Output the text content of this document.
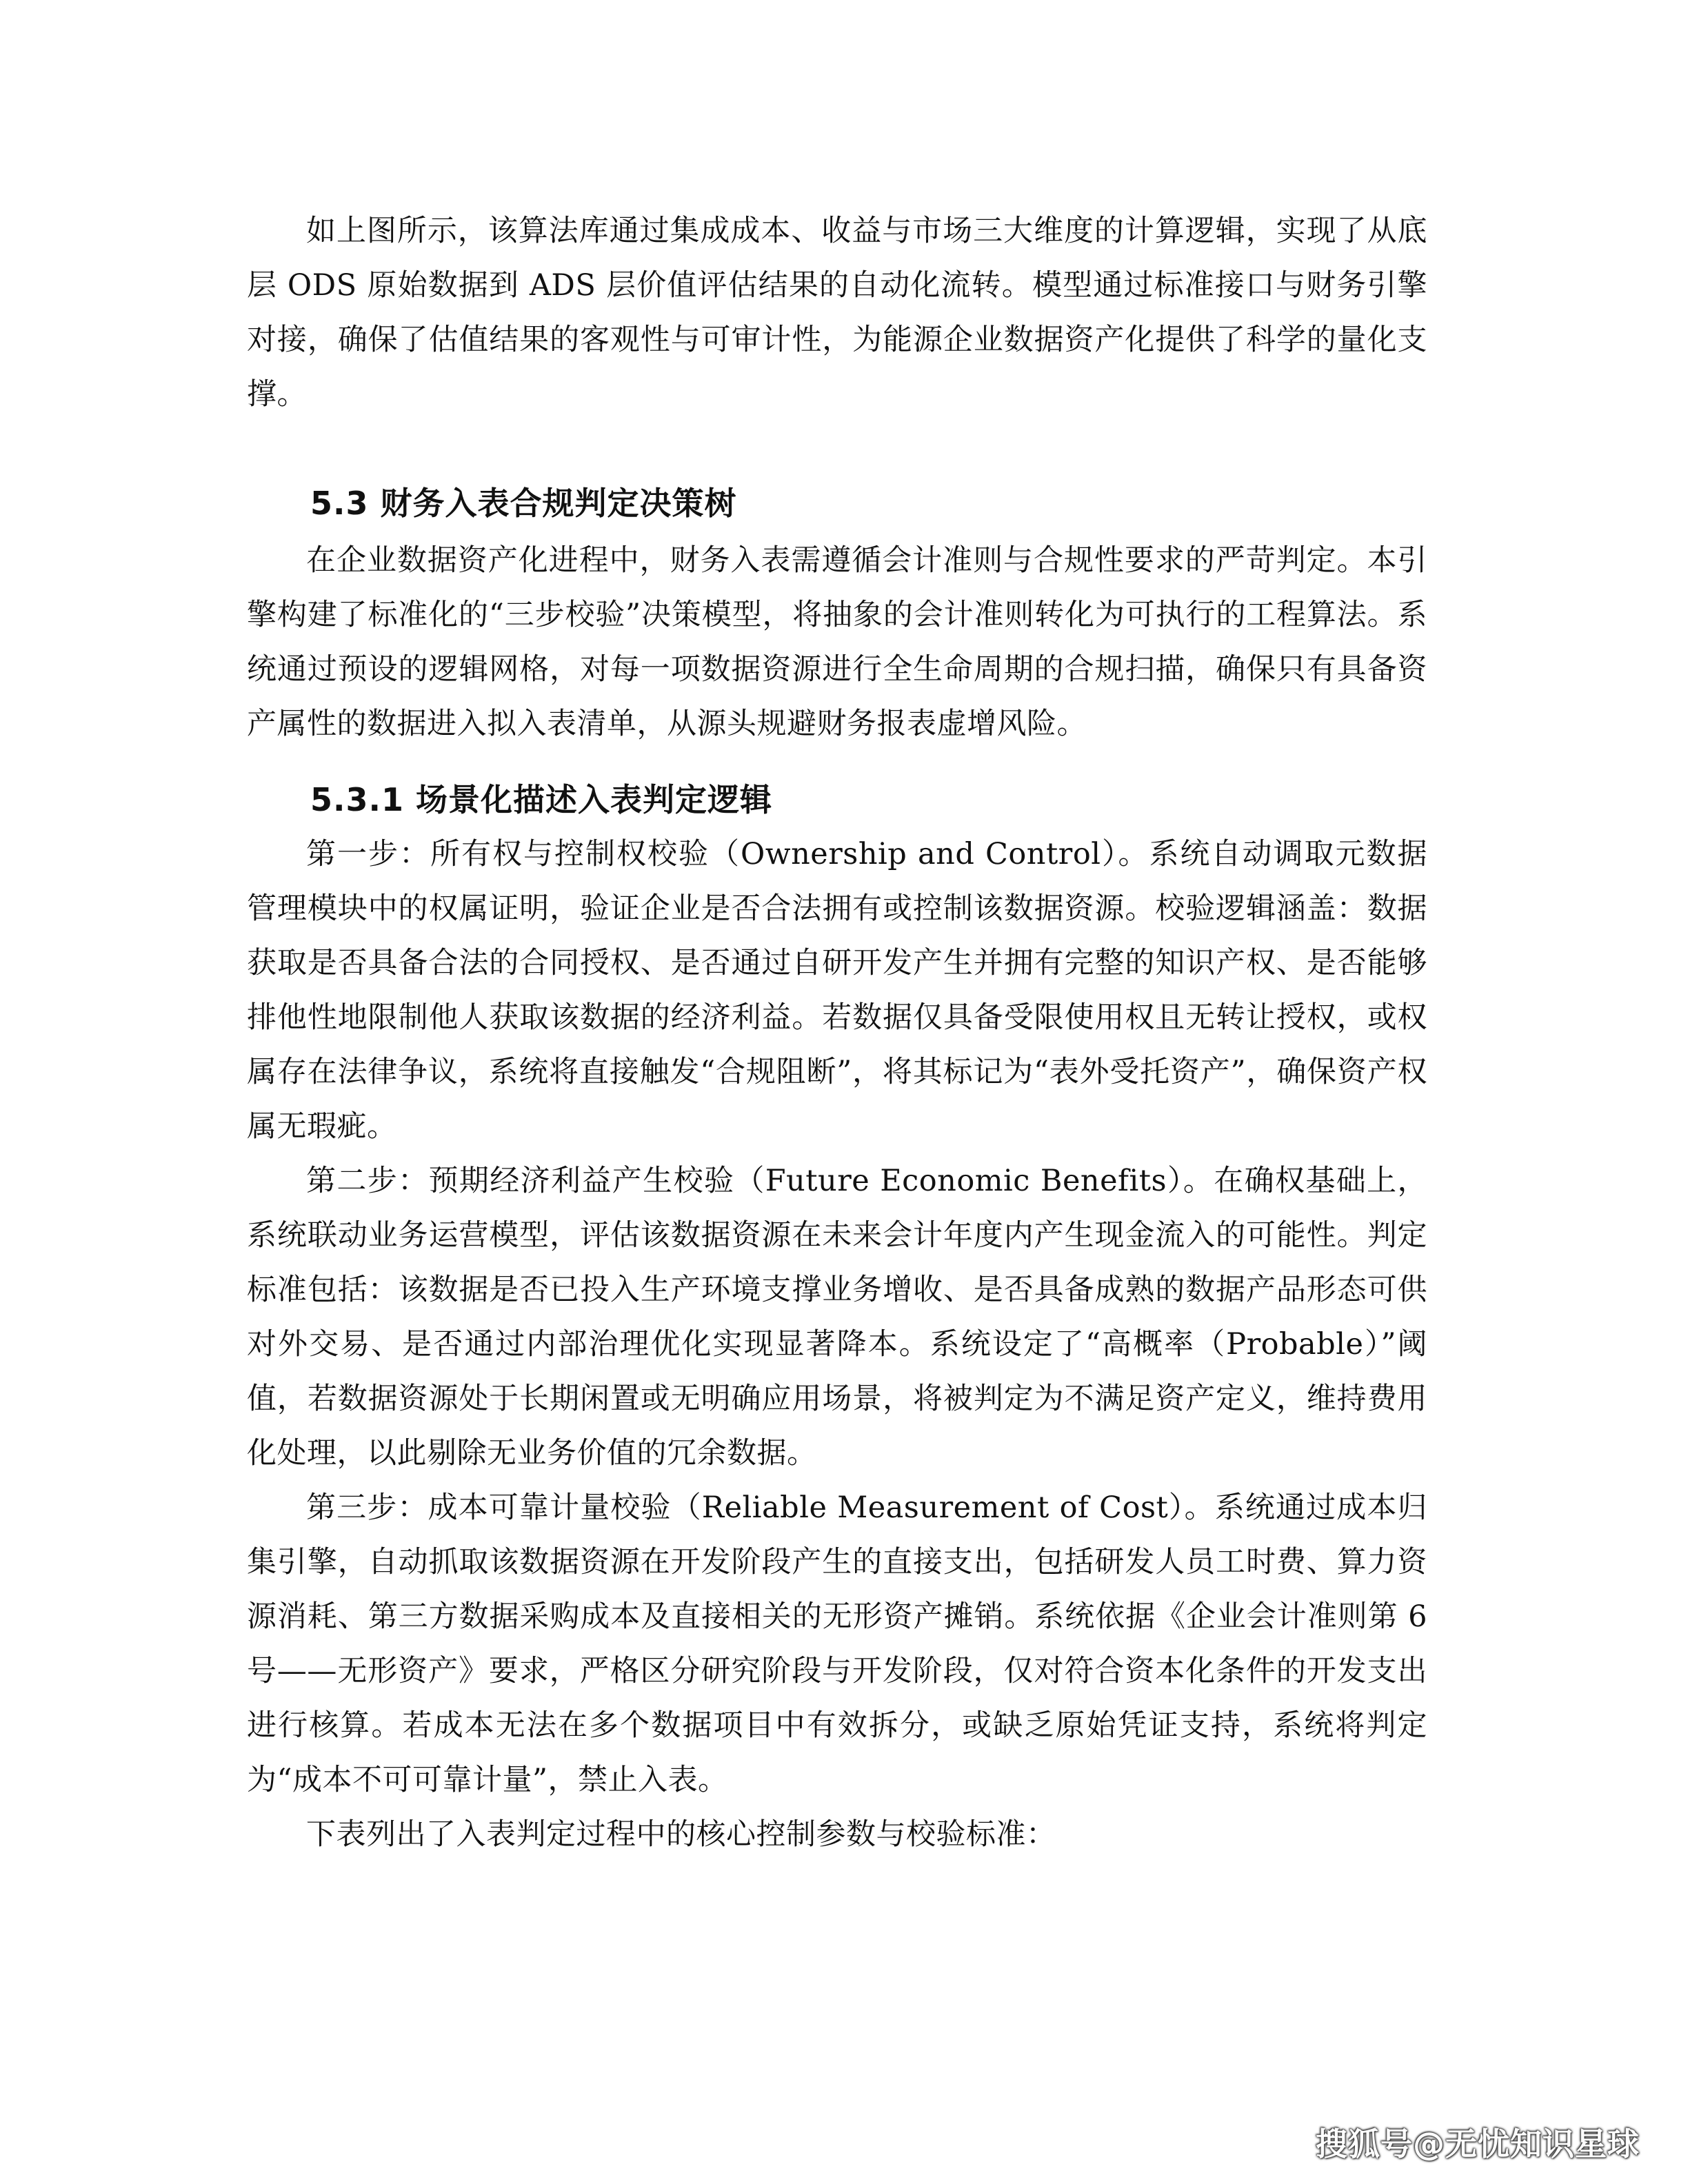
如上图所示，该算法库通过集成成本、收益与市场三大维度的计算逻辑，实现了从底层 ODS 原始数据到 ADS 层价值评估结果的自动化流转。模型通过标准接口与财务引擎对接，确保了估值结果的客观性与可审计性，为能源企业数据资产化提供了科学的量化支撑。

5.3 财务入表合规判定决策树

在企业数据资产化进程中，财务入表需遵循会计准则与合规性要求的严苛判定。本引擎构建了标准化的“三步校验”决策模型，将抽象的会计准则转化为可执行的工程算法。系统通过预设的逻辑网格，对每一项数据资源进行全生命周期的合规扫描，确保只有具备资产属性的数据进入拟入表清单，从源头规避财务报表虚增风险。

5.3.1 场景化描述入表判定逻辑

第一步：所有权与控制权校验（Ownership and Control）。系统自动调取元数据管理模块中的权属证明，验证企业是否合法拥有或控制该数据资源。校验逻辑涵盖：数据获取是否具备合法的合同授权、是否通过自研开发产生并拥有完整的知识产权、是否能够排他性地限制他人获取该数据的经济利益。若数据仅具备受限使用权且无转让授权，或权属存在法律争议，系统将直接触发“合规阻断”，将其标记为“表外受托资产”，确保资产权属无瑕疵。

第二步：预期经济利益产生校验（Future Economic Benefits）。在确权基础上，系统联动业务运营模型，评估该数据资源在未来会计年度内产生现金流入的可能性。判定标准包括：该数据是否已投入生产环境支撑业务增收、是否具备成熟的数据产品形态可供对外交易、是否通过内部治理优化实现显著降本。系统设定了“高概率（Probable）”阈值，若数据资源处于长期闲置或无明确应用场景，将被判定为不满足资产定义，维持费用化处理，以此剔除无业务价值的冗余数据。

第三步：成本可靠计量校验（Reliable Measurement of Cost）。系统通过成本归集引擎，自动抓取该数据资源在开发阶段产生的直接支出，包括研发人员工时费、算力资源消耗、第三方数据采购成本及直接相关的无形资产摊销。系统依据《企业会计准则第 6 号——无形资产》要求，严格区分研究阶段与开发阶段，仅对符合资本化条件的开发支出进行核算。若成本无法在多个数据项目中有效拆分，或缺乏原始凭证支持，系统将判定为“成本不可可靠计量”，禁止入表。

下表列出了入表判定过程中的核心控制参数与校验标准：

搜狐号@无忧知识星球
